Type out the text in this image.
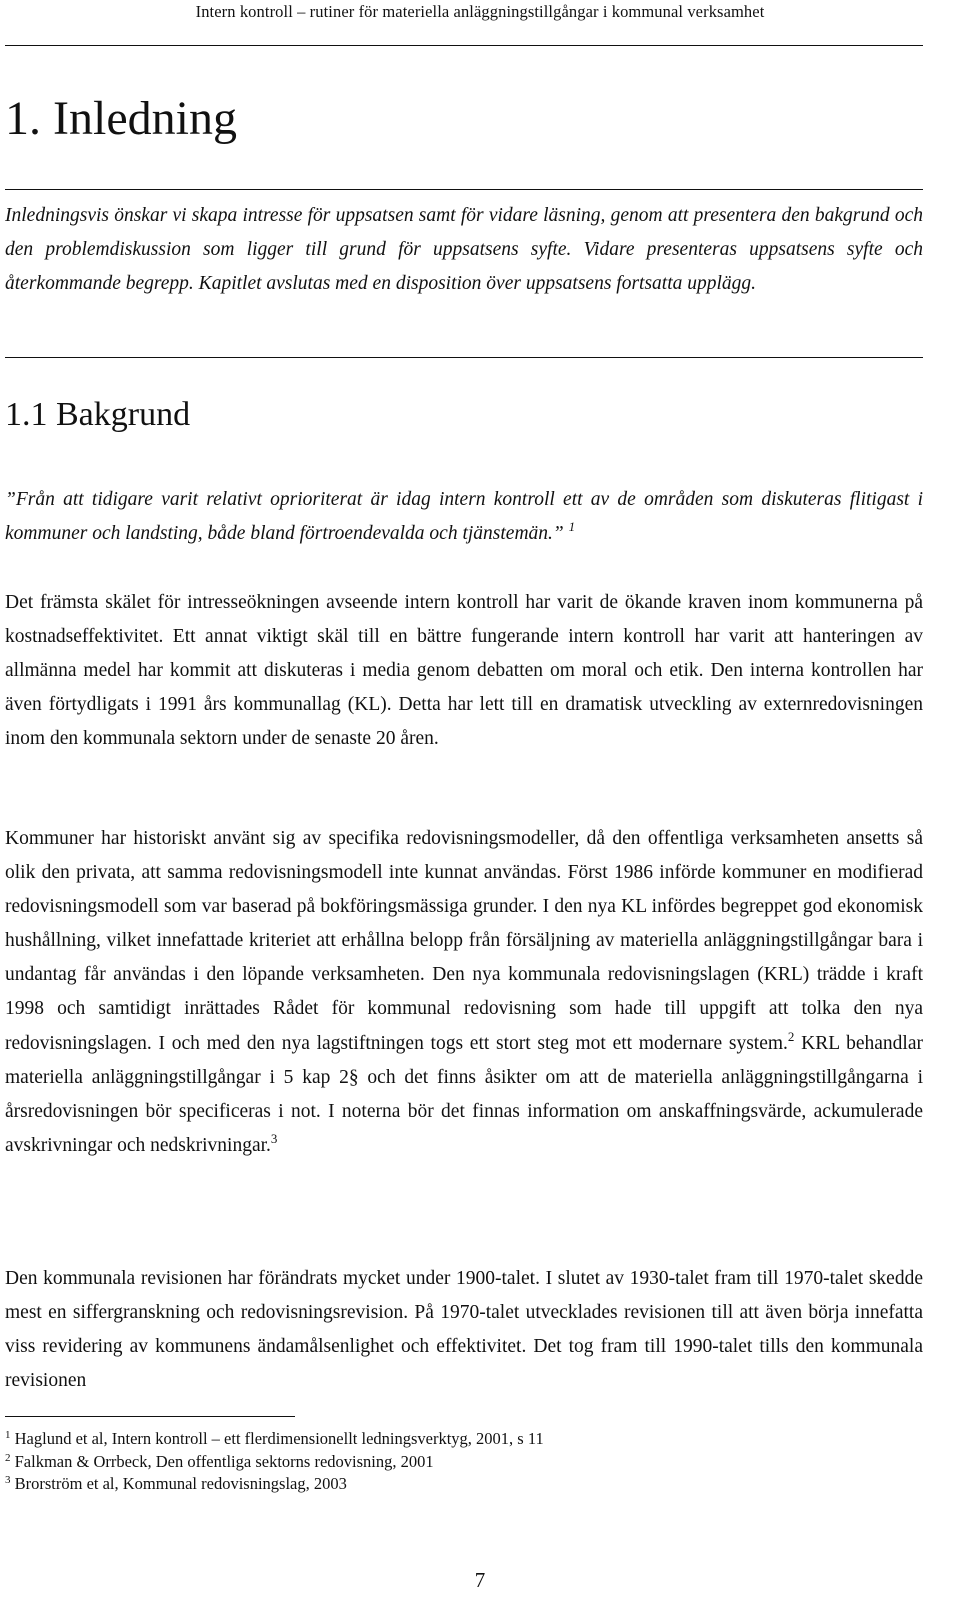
Intern kontroll – rutiner för materiella anläggningstillgångar i kommunal verksamhet
1. Inledning

Inledningsvis önskar vi skapa intresse för uppsatsen samt för vidare läsning, genom att presentera den bakgrund och den problemdiskussion som ligger till grund för uppsatsens syfte. Vidare presenteras uppsatsens syfte och återkommande begrepp. Kapitlet avslutas med en disposition över uppsatsens fortsatta upplägg.

1.1 Bakgrund

”Från att tidigare varit relativt oprioriterat är idag intern kontroll ett av de områden som diskuteras flitigast i kommuner och landsting, både bland förtroendevalda och tjänstemän.” $^1$

Det främsta skälet för intresseökningen avseende intern kontroll har varit de ökande kraven inom kommunerna på kostnadseffektivitet. Ett annat viktigt skäl till en bättre fungerande intern kontroll har varit att hanteringen av allmänna medel har kommit att diskuteras i media genom debatten om moral och etik. Den interna kontrollen har även förtydligats i 1991 års kommunallag (KL). Detta har lett till en dramatisk utveckling av externredovisningen inom den kommunala sektorn under de senaste 20 åren.

Kommuner har historiskt använt sig av specifika redovisningsmodeller, då den offentliga verksamheten ansetts så olik den privata, att samma redovisningsmodell inte kunnat användas. Först 1986 införde kommuner en modifierad redovisningsmodell som var baserad på bokföringsmässiga grunder. I den nya KL infördes begreppet god ekonomisk hushållning, vilket innefattade kriteriet att erhållna belopp från försäljning av materiella anläggningstillgångar bara i undantag får användas i den löpande verksamheten. Den nya kommunala redovisningslagen (KRL) trädde i kraft 1998 och samtidigt inrättades Rådet för kommunal redovisning som hade till uppgift att tolka den nya redovisningslagen. I och med den nya lagstiftningen togs ett stort steg mot ett modernare system.$^2$ KRL behandlar materiella anläggningstillgångar i 5 kap 2§ och det finns åsikter om att de materiella anläggningstillgångarna i årsredovisningen bör specificeras i not. I noterna bör det finnas information om anskaffningsvärde, ackumulerade avskrivningar och nedskrivningar.$^3$

Den kommunala revisionen har förändrats mycket under 1900-talet. I slutet av 1930-talet fram till 1970-talet skedde mest en siffergranskning och redovisningsrevision. På 1970-talet utvecklades revisionen till att även börja innefatta viss revidering av kommunens ändamålsenlighet och effektivitet. Det tog fram till 1990-talet tills den kommunala revisionen

$^1$ Haglund et al, Intern kontroll – ett flerdimensionellt ledningsverktyg, 2001, s 11
$^2$ Falkman & Orrbeck, Den offentliga sektorns redovisning, 2001
$^3$ Brorström et al, Kommunal redovisningslag, 2003
7
